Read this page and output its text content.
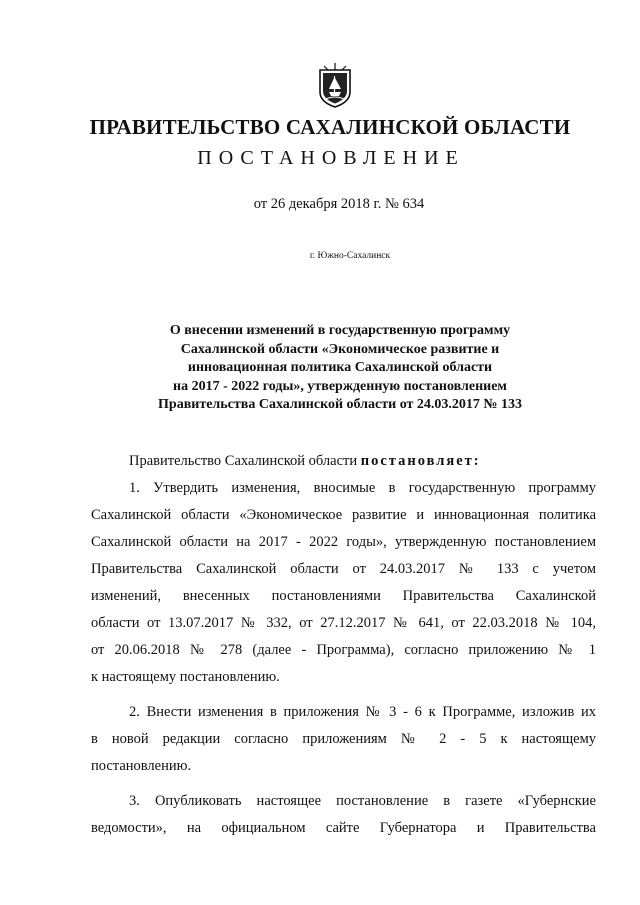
ПРАВИТЕЛЬСТВО САХАЛИНСКОЙ ОБЛАСТИ
ПОСТАНОВЛЕНИЕ
от 26 декабря 2018 г. № 634
г. Южно-Сахалинск
О внесении изменений в государственную программу
Сахалинской области «Экономическое развитие и
инновационная политика Сахалинской области
на 2017 - 2022 годы», утвержденную постановлением
Правительства Сахалинской области от 24.03.2017 № 133
Правительство Сахалинской области постановляет:
1. Утвердить изменения, вносимые в государственную программу
Сахалинской области «Экономическое развитие и инновационная политика
Сахалинской области на 2017 - 2022 годы», утвержденную постановлением
Правительства Сахалинской области от 24.03.2017 № 133 с учетом
изменений, внесенных постановлениями Правительства Сахалинской
области от 13.07.2017 № 332, от 27.12.2017 № 641, от 22.03.2018 № 104,
от 20.06.2018 № 278 (далее - Программа), согласно приложению № 1
к настоящему постановлению.
2. Внести изменения в приложения № 3 - 6 к Программе, изложив их
в новой редакции согласно приложениям № 2 - 5 к настоящему
постановлению.
3. Опубликовать настоящее постановление в газете «Губернские
ведомости», на официальном сайте Губернатора и Правительства
